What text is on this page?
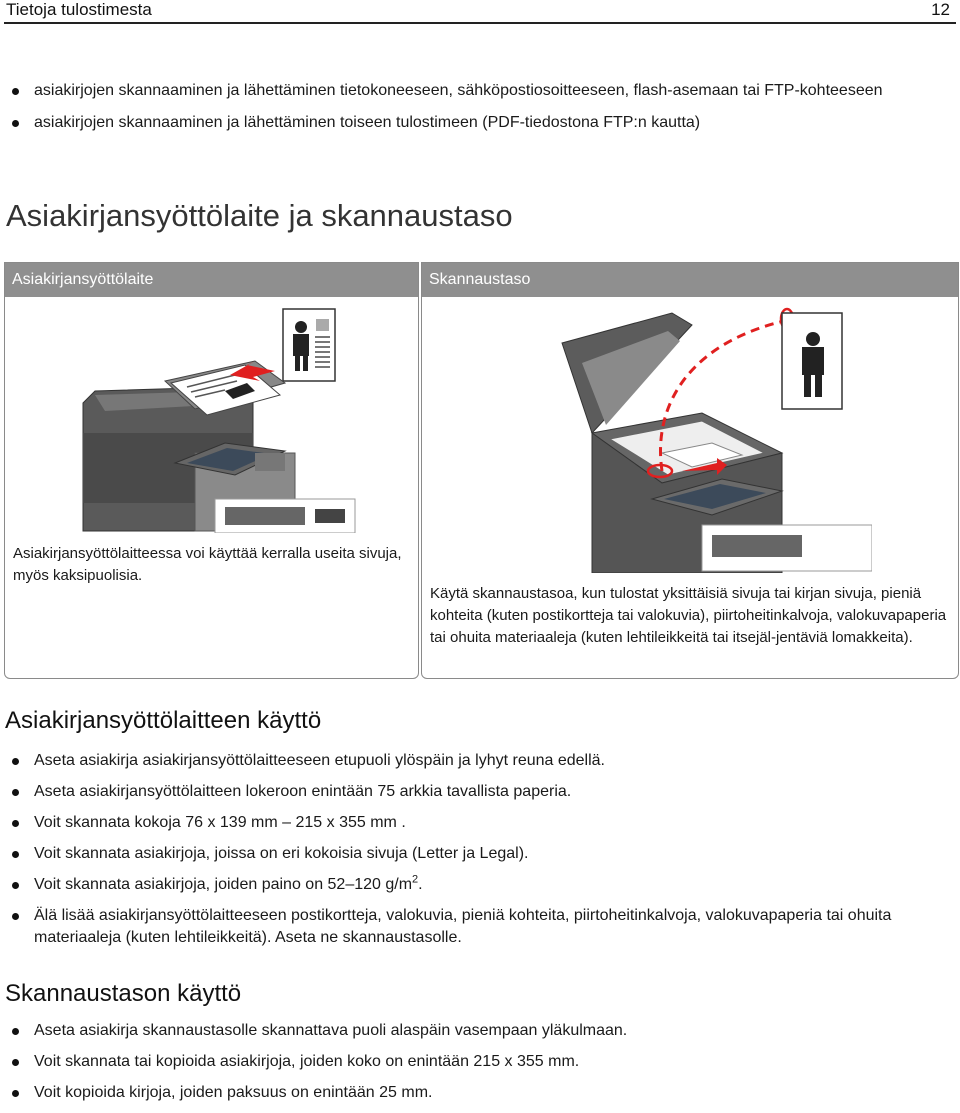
Tietoja tulostimesta	12
asiakirjojen skannaaminen ja lähettäminen tietokoneeseen, sähköpostiosoitteeseen, flash-asemaan tai FTP-kohteeseen
asiakirjojen skannaaminen ja lähettäminen toiseen tulostimeen (PDF-tiedostona FTP:n kautta)
Asiakirjansyöttölaite ja skannaustaso
Asiakirjansyöttölaite
Asiakirjansyöttölaitteessa voi käyttää kerralla useita sivuja, myös kaksipuolisia.
Skannaustaso
Käytä skannaustasoa, kun tulostat yksittäisiä sivuja tai kirjan sivuja, pieniä kohteita (kuten postikortteja tai valokuvia), piirtoheitinkalvoja, valokuvapaperia tai ohuita materiaaleja (kuten lehtileikkeitä tai itsejäl-jentäviä lomakkeita).
Asiakirjansyöttölaitteen käyttö
Aseta asiakirja asiakirjansyöttölaitteeseen etupuoli ylöspäin ja lyhyt reuna edellä.
Aseta asiakirjansyöttölaitteen lokeroon enintään 75 arkkia tavallista paperia.
Voit skannata kokoja 76 x 139 mm – 215 x 355 mm .
Voit skannata asiakirjoja, joissa on eri kokoisia sivuja (Letter ja Legal).
Voit skannata asiakirjoja, joiden paino on 52–120 $g/m^2$.
Älä lisää asiakirjansyöttölaitteeseen postikortteja, valokuvia, pieniä kohteita, piirtoheitinkalvoja, valokuvapaperia tai ohuita materiaaleja (kuten lehtileikkeitä). Aseta ne skannaustasolle.
Skannaustason käyttö
Aseta asiakirja skannaustasolle skannattava puoli alaspäin vasempaan yläkulmaan.
Voit skannata tai kopioida asiakirjoja, joiden koko on enintään 215 x 355 mm.
Voit kopioida kirjoja, joiden paksuus on enintään 25 mm.
